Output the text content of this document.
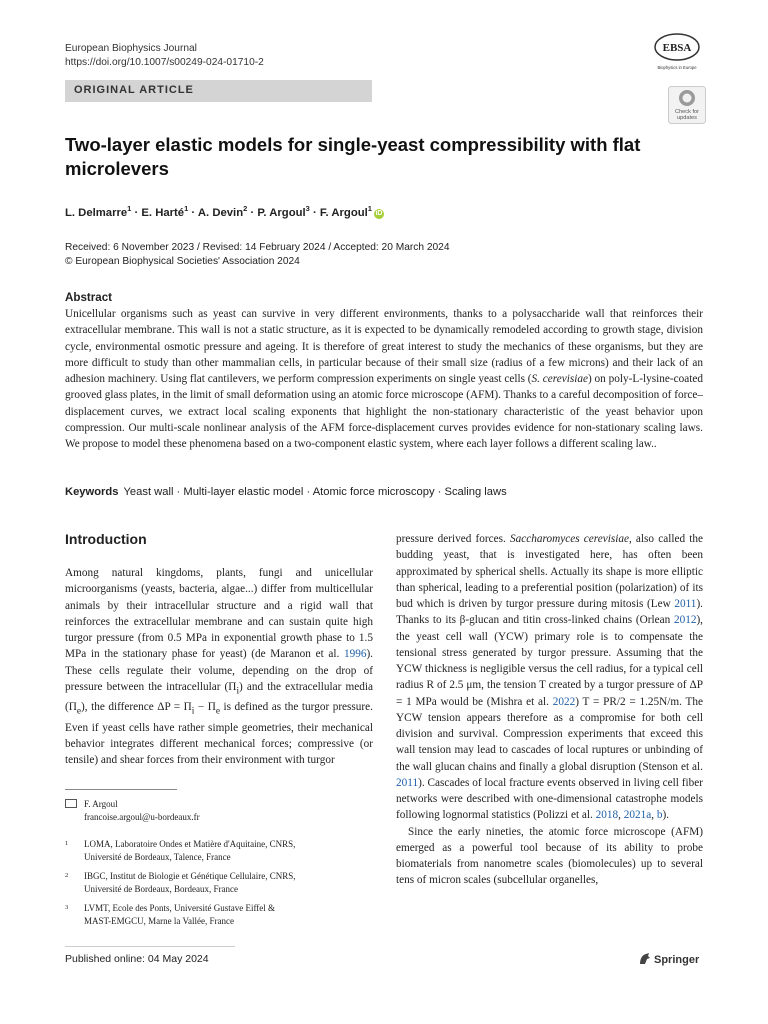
European Biophysics Journal
https://doi.org/10.1007/s00249-024-01710-2
EBSA
Biophysics in Europe
ORIGINAL ARTICLE
Check for
updates
Two-layer elastic models for single-yeast compressibility with flat microlevers
L. Delmarre$^1$ · E. Harté$^1$ · A. Devin$^2$ · P. Argoul$^3$ · F. Argoul$^1$iD
Received: 6 November 2023 / Revised: 14 February 2024 / Accepted: 20 March 2024
© European Biophysical Societies' Association 2024
Abstract
Unicellular organisms such as yeast can survive in very different environments, thanks to a polysaccharide wall that reinforces their extracellular membrane. This wall is not a static structure, as it is expected to be dynamically remodeled according to growth stage, division cycle, environmental osmotic pressure and ageing. It is therefore of great interest to study the mechanics of these organisms, but they are more difficult to study than other mammalian cells, in particular because of their small size (radius of a few microns) and their lack of an adhesion machinery. Using flat cantilevers, we perform compression experiments on single yeast cells (S. cerevisiae) on poly-L-lysine-coated grooved glass plates, in the limit of small deformation using an atomic force microscope (AFM). Thanks to a careful decomposition of force–displacement curves, we extract local scaling exponents that highlight the non-stationary characteristic of the yeast behavior upon compression. Our multi-scale nonlinear analysis of the AFM force-displacement curves provides evidence for non-stationary scaling laws. We propose to model these phenomena based on a two-component elastic system, where each layer follows a different scaling law..
Keywords Yeast wall · Multi-layer elastic model · Atomic force microscopy · Scaling laws
Introduction

Among natural kingdoms, plants, fungi and unicellular microorganisms (yeasts, bacteria, algae...) differ from multicellular animals by their intracellular structure and a rigid wall that reinforces the extracellular membrane and can sustain quite high turgor pressure (from 0.5 MPa in exponential growth phase to 1.5 MPa in the stationary phase for yeast) (de Maranon et al. 1996). These cells regulate their volume, depending on the drop of pressure between the intracellular $(\Pi_i)$ and the extracellular media $(\Pi_e)$, the difference $\Delta P = \Pi_i - \Pi_e$ is defined as the turgor pressure. Even if yeast cells have rather simple geometries, their mechanical behavior integrates different mechanical forces; compressive (or tensile) and shear forces from their environment with turgor

pressure derived forces. Saccharomyces cerevisiae, also called the budding yeast, that is investigated here, has often been approximated by spherical shells. Actually its shape is more elliptic than spherical, leading to a preferential position (polarization) of its bud which is driven by turgor pressure during mitosis (Lew 2011). Thanks to its β-glucan and titin cross-linked chains (Orlean 2012), the yeast cell wall (YCW) primary role is to compensate the tensional stress generated by turgor pressure. Assuming that the YCW thickness is negligible versus the cell radius, for a typical cell radius R of 2.5 μm, the tension T created by a turgor pressure of ΔP = 1 MPa would be (Mishra et al. 2022) T = PR/2 = 1.25N/m. The YCW tension appears therefore as a compromise for both cell division and survival. Compression experiments that exceed this wall tension may lead to cascades of local ruptures or unbinding of the wall glucan chains and finally a global disruption (Stenson et al. 2011). Cascades of local fracture events observed in living cell fiber networks were described with one-dimensional catastrophe models following lognormal statistics (Polizzi et al. 2018, 2021a, b).

Since the early nineties, the atomic force microscope (AFM) emerged as a powerful tool because of its ability to probe biomaterials from nanometre scales (biomolecules) up to several tens of micron scales (subcellular organelles,

F. Argoul
francoise.argoul@u-bordeaux.fr
1 LOMA, Laboratoire Ondes et Matière d'Aquitaine, CNRS,
Université de Bordeaux, Talence, France
2 IBGC, Institut de Biologie et Génétique Cellulaire, CNRS,
Université de Bordeaux, Bordeaux, France
3 LVMT, Ecole des Ponts, Université Gustave Eiffel &
MAST-EMGCU, Marne la Vallée, France
Published online: 04 May 2024	Springer
